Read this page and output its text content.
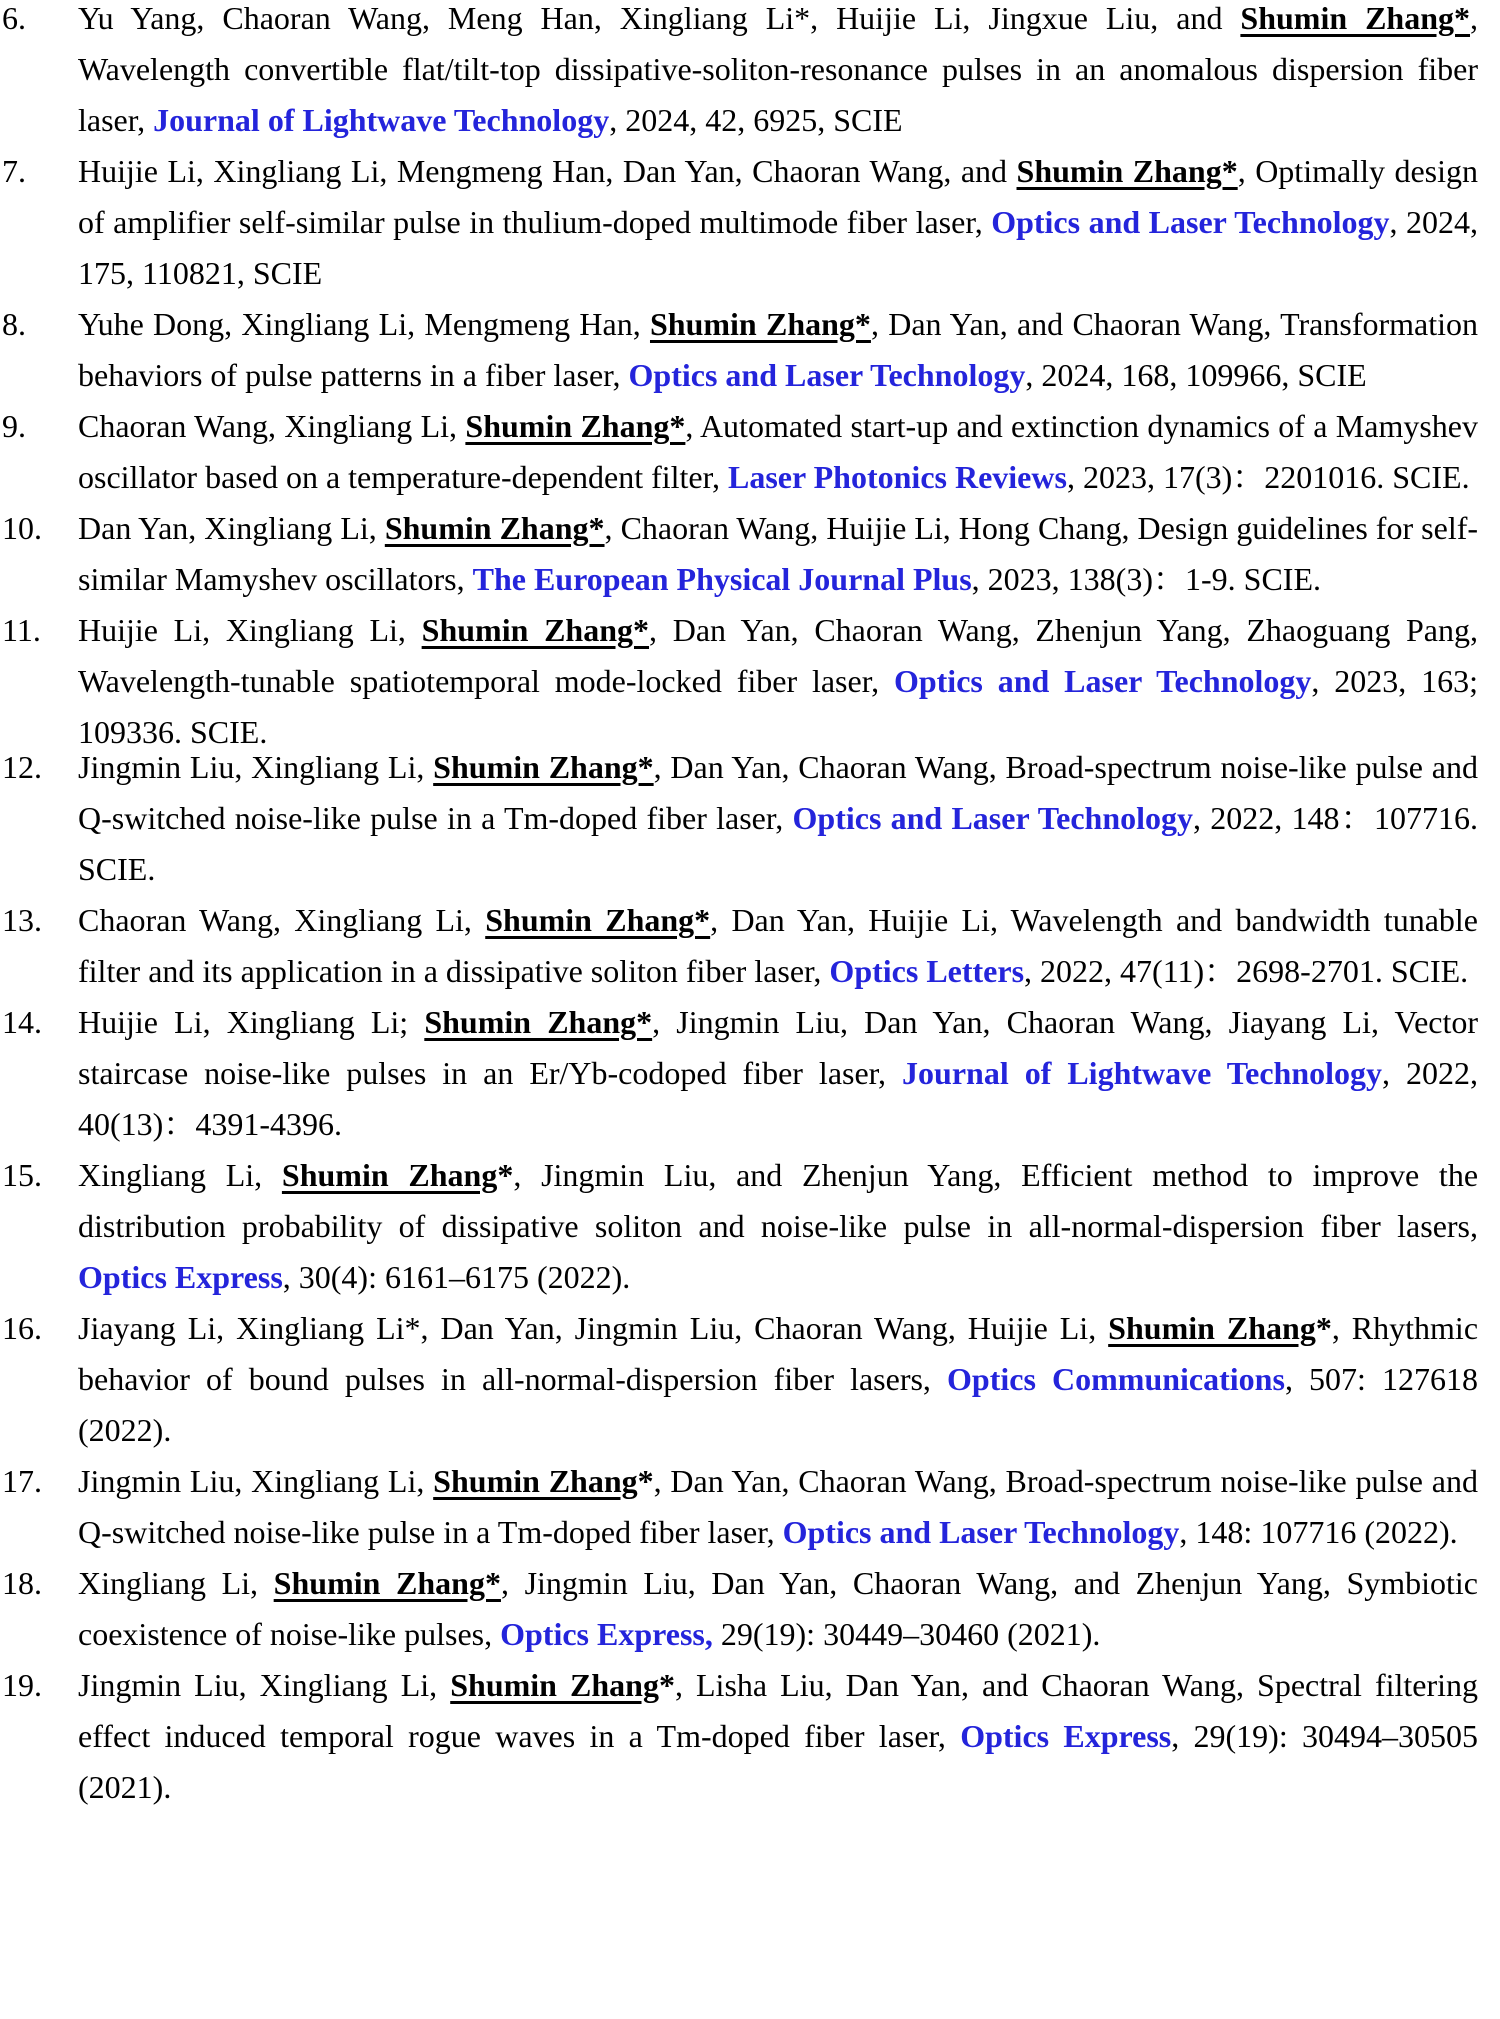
6. Yu Yang, Chaoran Wang, Meng Han, Xingliang Li*, Huijie Li, Jingxue Liu, and Shumin Zhang*, Wavelength convertible flat/tilt-top dissipative-soliton-resonance pulses in an anomalous dispersion fiber laser, Journal of Lightwave Technology, 2024, 42, 6925, SCIE
7. Huijie Li, Xingliang Li, Mengmeng Han, Dan Yan, Chaoran Wang, and Shumin Zhang*, Optimally design of amplifier self-similar pulse in thulium-doped multimode fiber laser, Optics and Laser Technology, 2024, 175, 110821, SCIE
8. Yuhe Dong, Xingliang Li, Mengmeng Han, Shumin Zhang*, Dan Yan, and Chaoran Wang, Transformation behaviors of pulse patterns in a fiber laser, Optics and Laser Technology, 2024, 168, 109966, SCIE
9. Chaoran Wang, Xingliang Li, Shumin Zhang*, Automated start-up and extinction dynamics of a Mamyshev oscillator based on a temperature-dependent filter, Laser Photonics Reviews, 2023, 17(3)：2201016. SCIE.
10. Dan Yan, Xingliang Li, Shumin Zhang*, Chaoran Wang, Huijie Li, Hong Chang, Design guidelines for self-similar Mamyshev oscillators, The European Physical Journal Plus, 2023, 138(3)：1-9. SCIE.
11. Huijie Li, Xingliang Li, Shumin Zhang*, Dan Yan, Chaoran Wang, Zhenjun Yang, Zhaoguang Pang, Wavelength-tunable spatiotemporal mode-locked fiber laser, Optics and Laser Technology, 2023, 163; 109336. SCIE.
12. Jingmin Liu, Xingliang Li, Shumin Zhang*, Dan Yan, Chaoran Wang, Broad-spectrum noise-like pulse and Q-switched noise-like pulse in a Tm-doped fiber laser, Optics and Laser Technology, 2022, 148：107716. SCIE.
13. Chaoran Wang, Xingliang Li, Shumin Zhang*, Dan Yan, Huijie Li, Wavelength and bandwidth tunable filter and its application in a dissipative soliton fiber laser, Optics Letters, 2022, 47(11)：2698-2701. SCIE.
14. Huijie Li, Xingliang Li; Shumin Zhang*, Jingmin Liu, Dan Yan, Chaoran Wang, Jiayang Li, Vector staircase noise-like pulses in an Er/Yb-codoped fiber laser, Journal of Lightwave Technology, 2022, 40(13)：4391-4396.
15. Xingliang Li, Shumin Zhang*, Jingmin Liu, and Zhenjun Yang, Efficient method to improve the distribution probability of dissipative soliton and noise-like pulse in all-normal-dispersion fiber lasers, Optics Express, 30(4): 6161–6175 (2022).
16. Jiayang Li, Xingliang Li*, Dan Yan, Jingmin Liu, Chaoran Wang, Huijie Li, Shumin Zhang*, Rhythmic behavior of bound pulses in all-normal-dispersion fiber lasers, Optics Communications, 507: 127618 (2022).
17. Jingmin Liu, Xingliang Li, Shumin Zhang*, Dan Yan, Chaoran Wang, Broad-spectrum noise-like pulse and Q-switched noise-like pulse in a Tm-doped fiber laser, Optics and Laser Technology, 148: 107716 (2022).
18. Xingliang Li, Shumin Zhang*, Jingmin Liu, Dan Yan, Chaoran Wang, and Zhenjun Yang, Symbiotic coexistence of noise-like pulses, Optics Express, 29(19): 30449–30460 (2021).
19. Jingmin Liu, Xingliang Li, Shumin Zhang*, Lisha Liu, Dan Yan, and Chaoran Wang, Spectral filtering effect induced temporal rogue waves in a Tm-doped fiber laser, Optics Express, 29(19): 30494–30505 (2021).
